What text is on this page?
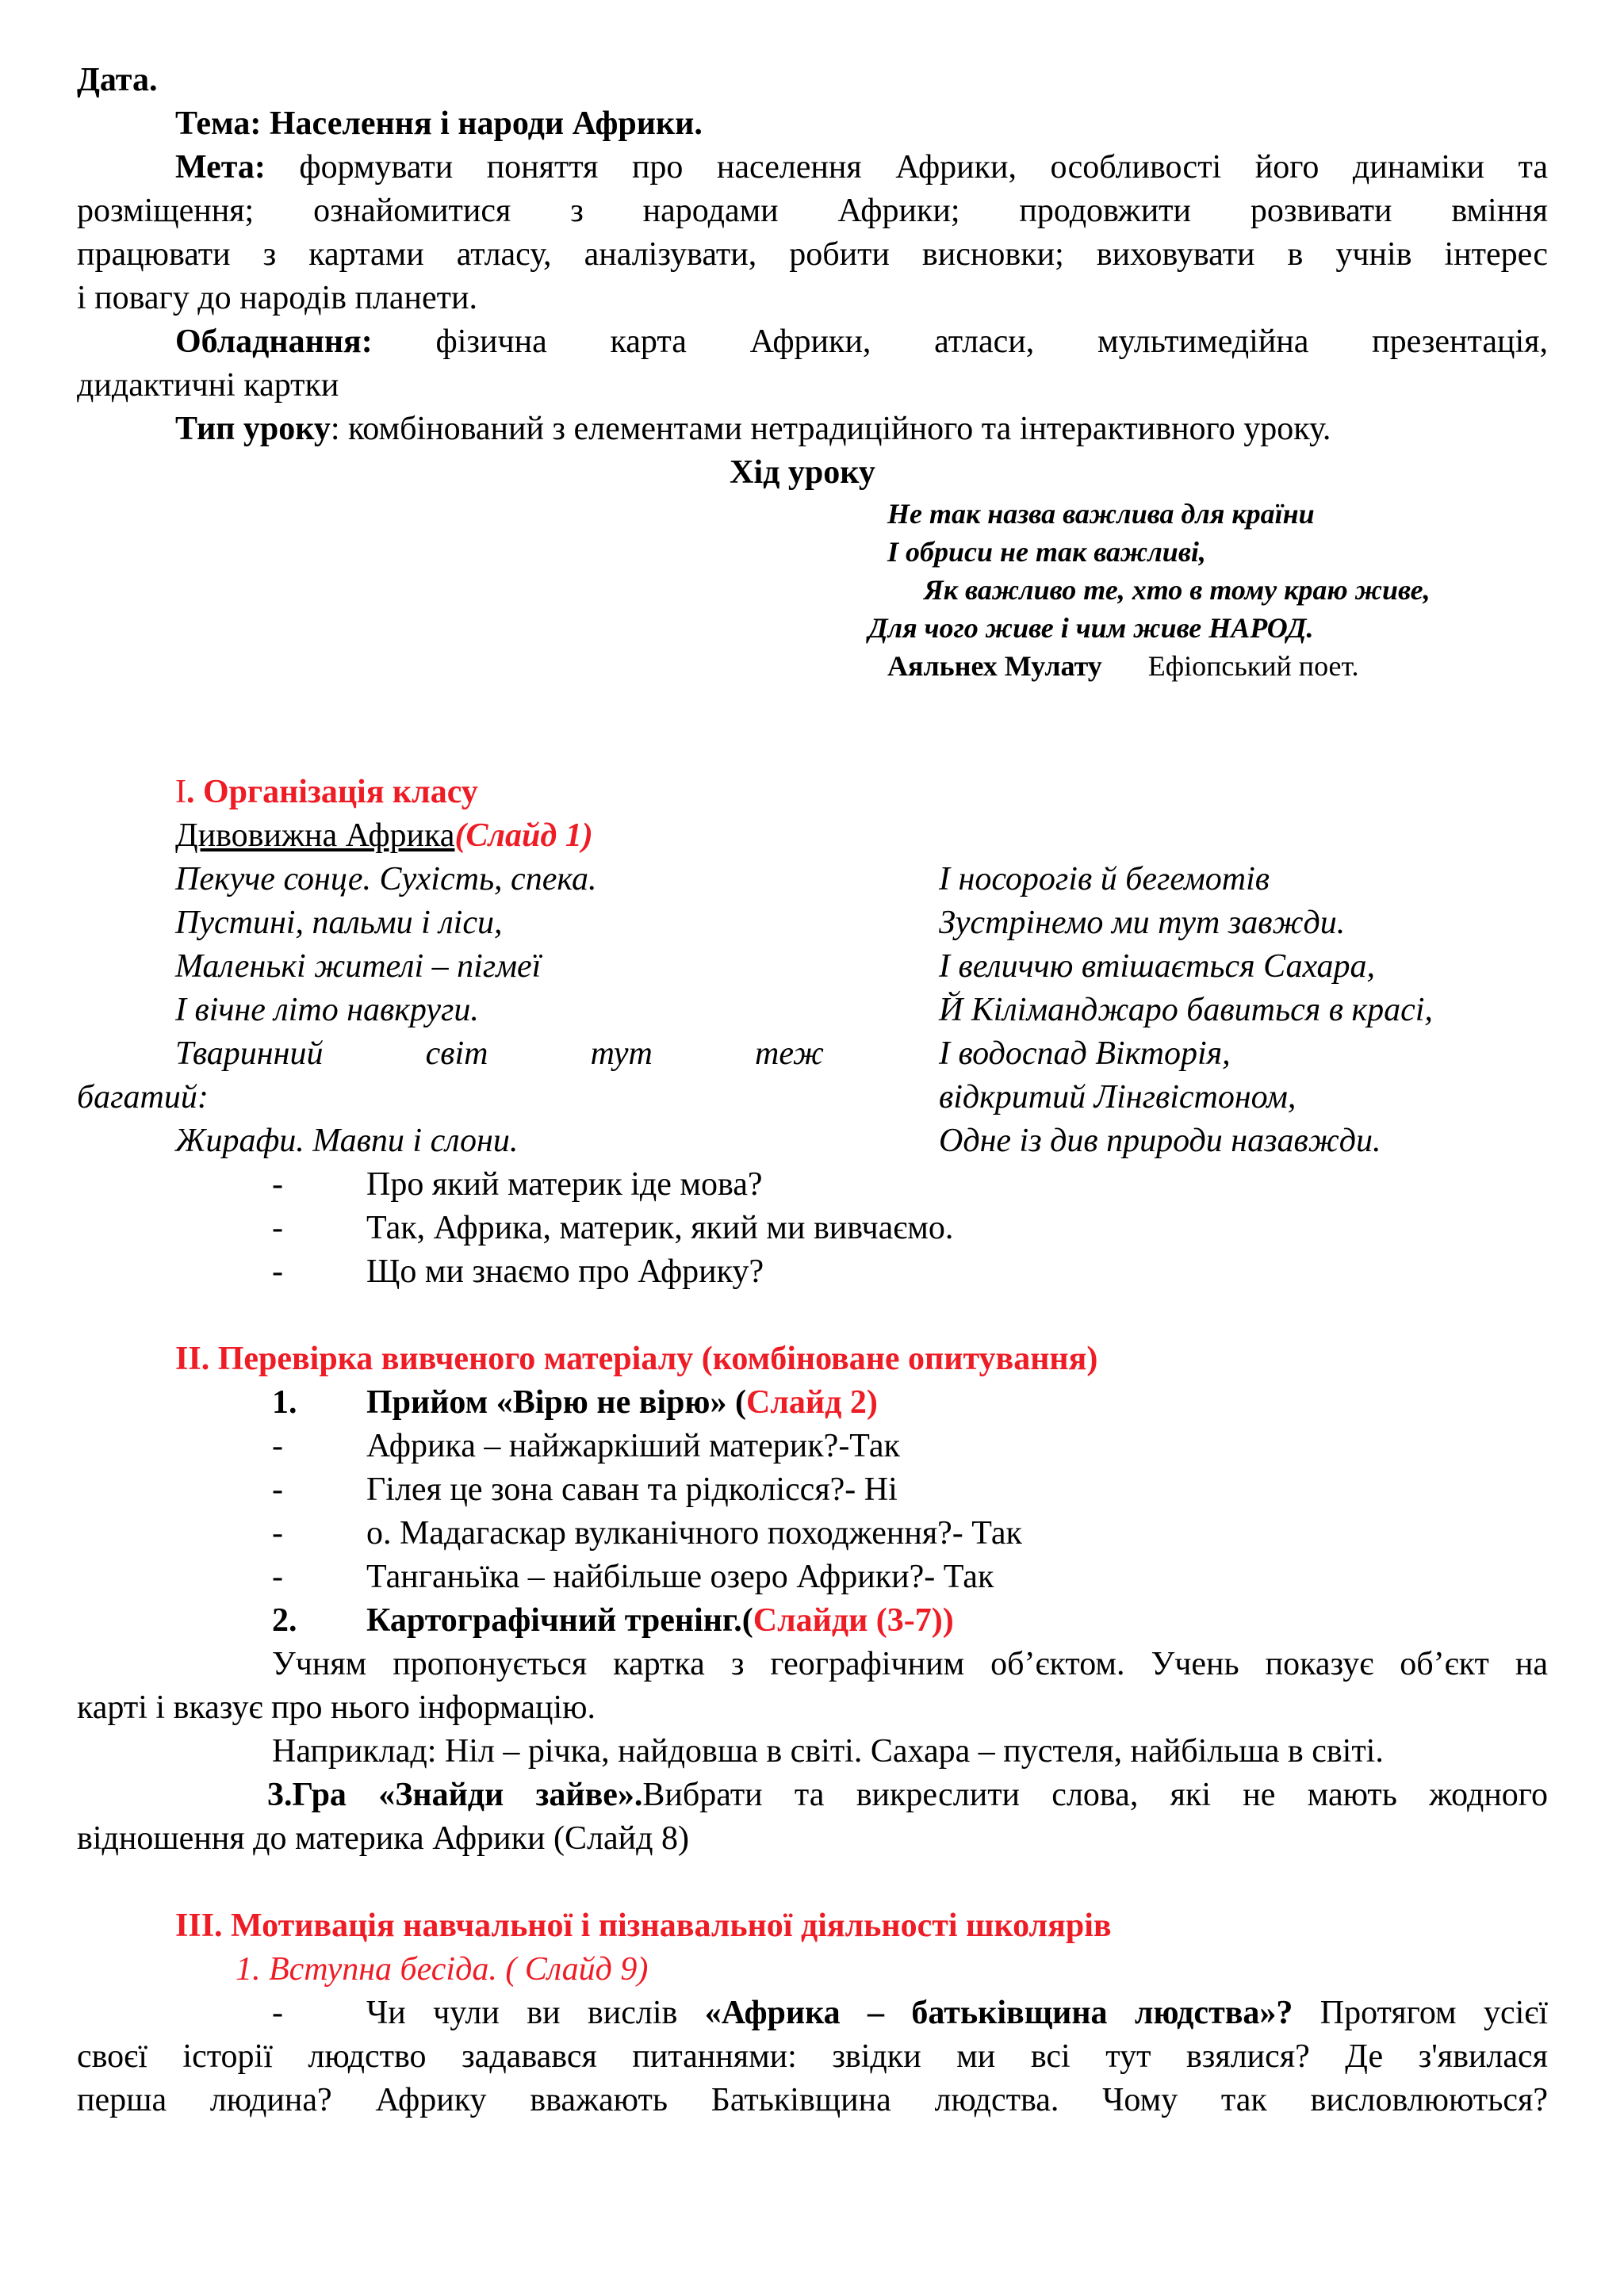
Дата.

Тема: Населення і народи Африки.

Мета: формувати поняття про населення Африки, особливості його динаміки та

розміщення; ознайомитися з народами Африки; продовжити розвивати вміння

працювати з картами атласу, аналізувати, робити висновки; виховувати в учнів інтерес

і повагу до народів планети.

Обладнання: фізична карта Африки, атласи, мультимедійна презентація,

дидактичні картки

Тип уроку: комбінований з елементами нетрадиційного та інтерактивного уроку.

Хід уроку

Не так назва важлива для країни

І обриси не так важливі,

Як важливо те, хто в тому краю живе,

Для чого живе і чим живе НАРОД.

Аяльнех Мулату Ефіопський поет.

I. Організація класу

Дивовижна Африка(Слайд 1)

Пекуче сонце. Сухість, спека.

Пустині, пальми і ліси,

Маленькі жителі – пігмеї

І вічне літо навкруги.

Тваринний світ тут теж

багатий:

Жирафи. Мавпи і слони.

І носорогів й бегемотів

Зустрінемо ми тут завжди.

І величчю втішається Сахара,

Й Кіліманджаро бавиться в красі,

І водоспад Вікторія,

відкритий Лінгвістоном,

Одне із див природи назавжди.

-	Про який материк іде мова?
-	Так, Африка, материк, який ми вивчаємо.
-	Що ми знаємо про Африку?

II. Перевірка вивченого матеріалу (комбіноване опитування)

1.	Прийом «Вірю не вірю» ( Слайд 2)
-	Африка – найжаркіший материк?-Так
-	Гілея це зона саван та рідколісся?- Ні
-	о. Мадагаскар вулканічного походження?- Так
-	Танганьїка – найбільше озеро Африки?- Так
2.	Картографічний тренінг.( Слайди (3-7))

Учням пропонується картка з географічним об’єктом. Учень показує об’єкт на

карті і вказує про нього інформацію.

Наприклад: Ніл – річка, найдовша в світі. Сахара – пустеля, найбільша в світі.

3.Гра «Знайди зайве».Вибрати та викреслити слова, які не мають жодного

відношення до материка Африки (Слайд 8)

III. Мотивація навчальної і пізнавальної діяльності школярів

1. Вступна бесіда. ( Слайд 9)

-	Чи чули ви вислів «Африка – батьківщина людства»? Протягом усієї

своєї історії людство задавався питаннями: звідки ми всі тут взялися? Де з'явилася

перша людина? Африку вважають Батьківщина людства. Чому так висловлюються?
